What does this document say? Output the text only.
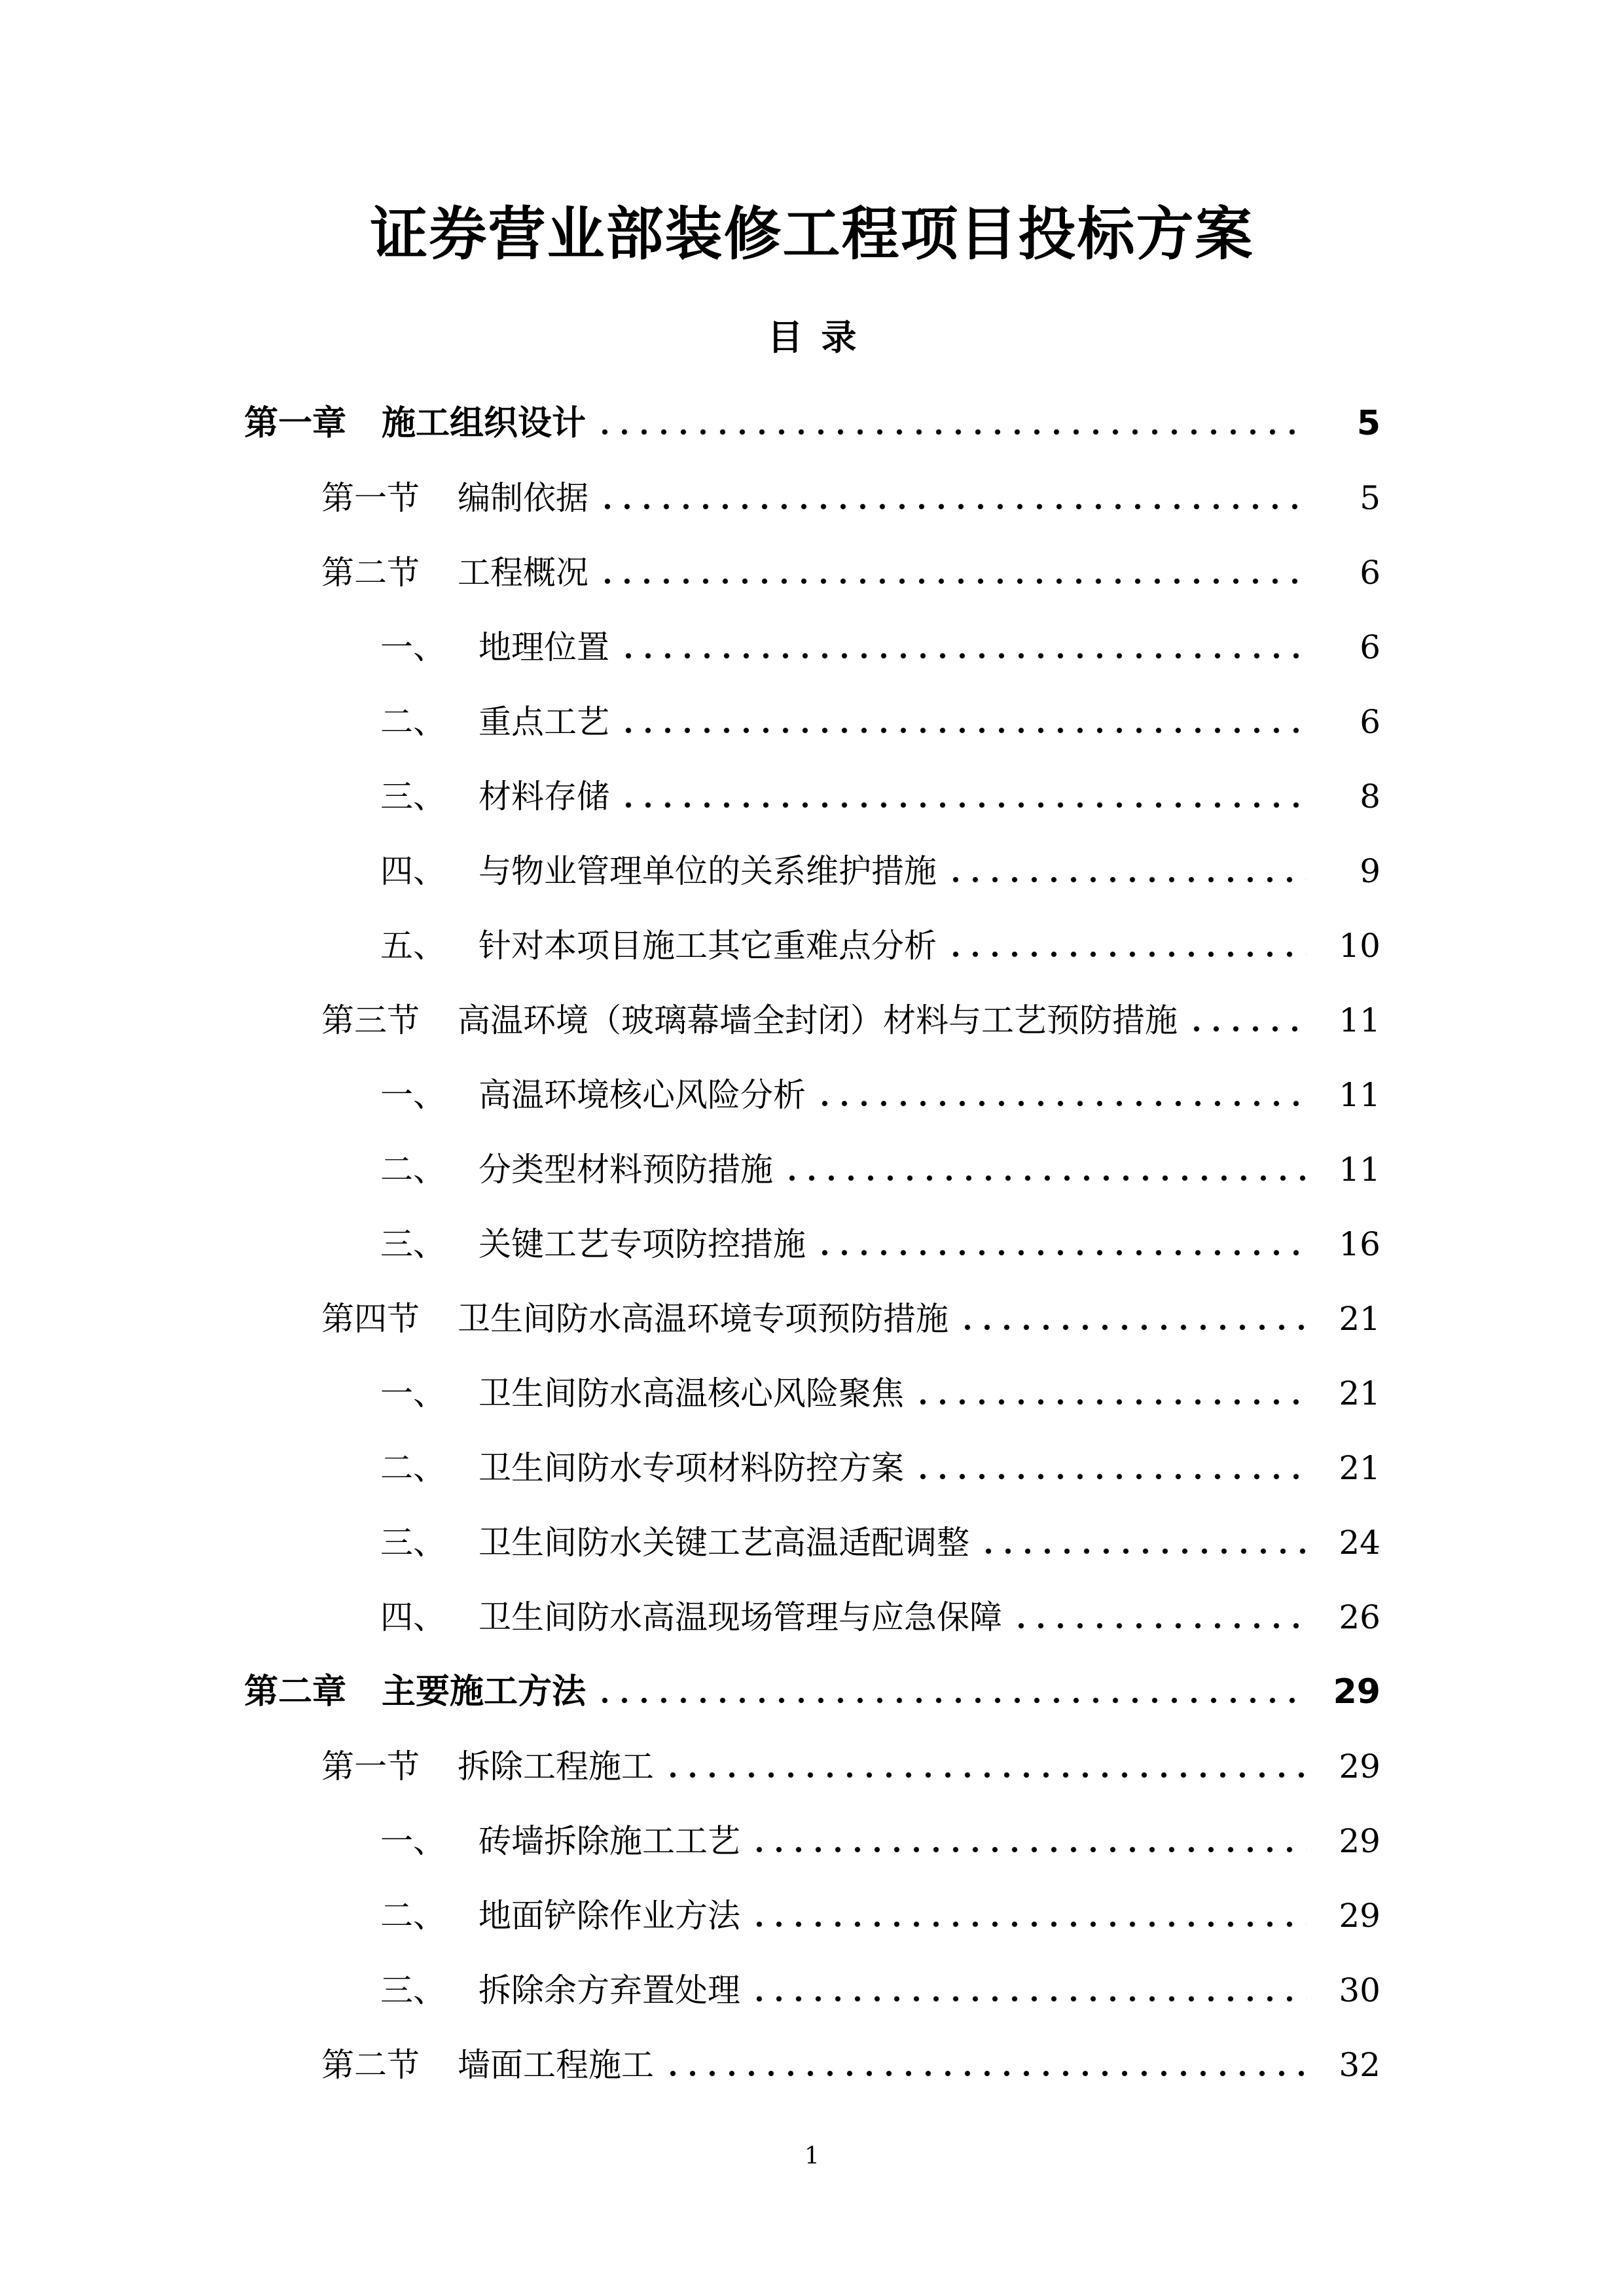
证券营业部装修工程项目投标方案
目 录
第一章	施工组织设计	5
第一节	编制依据	5
第二节	工程概况	6
一、	地理位置	6
二、	重点工艺	6
三、	材料存储	8
四、	与物业管理单位的关系维护措施	9
五、	针对本项目施工其它重难点分析	10
第三节	高温环境（玻璃幕墙全封闭）材料与工艺预防措施	11
一、	高温环境核心风险分析	11
二、	分类型材料预防措施	11
三、	关键工艺专项防控措施	16
第四节	卫生间防水高温环境专项预防措施	21
一、	卫生间防水高温核心风险聚焦	21
二、	卫生间防水专项材料防控方案	21
三、	卫生间防水关键工艺高温适配调整	24
四、	卫生间防水高温现场管理与应急保障	26
第二章	主要施工方法	29
第一节	拆除工程施工	29
一、	砖墙拆除施工工艺	29
二、	地面铲除作业方法	29
三、	拆除余方弃置处理	30
第二节	墙面工程施工	32

1
